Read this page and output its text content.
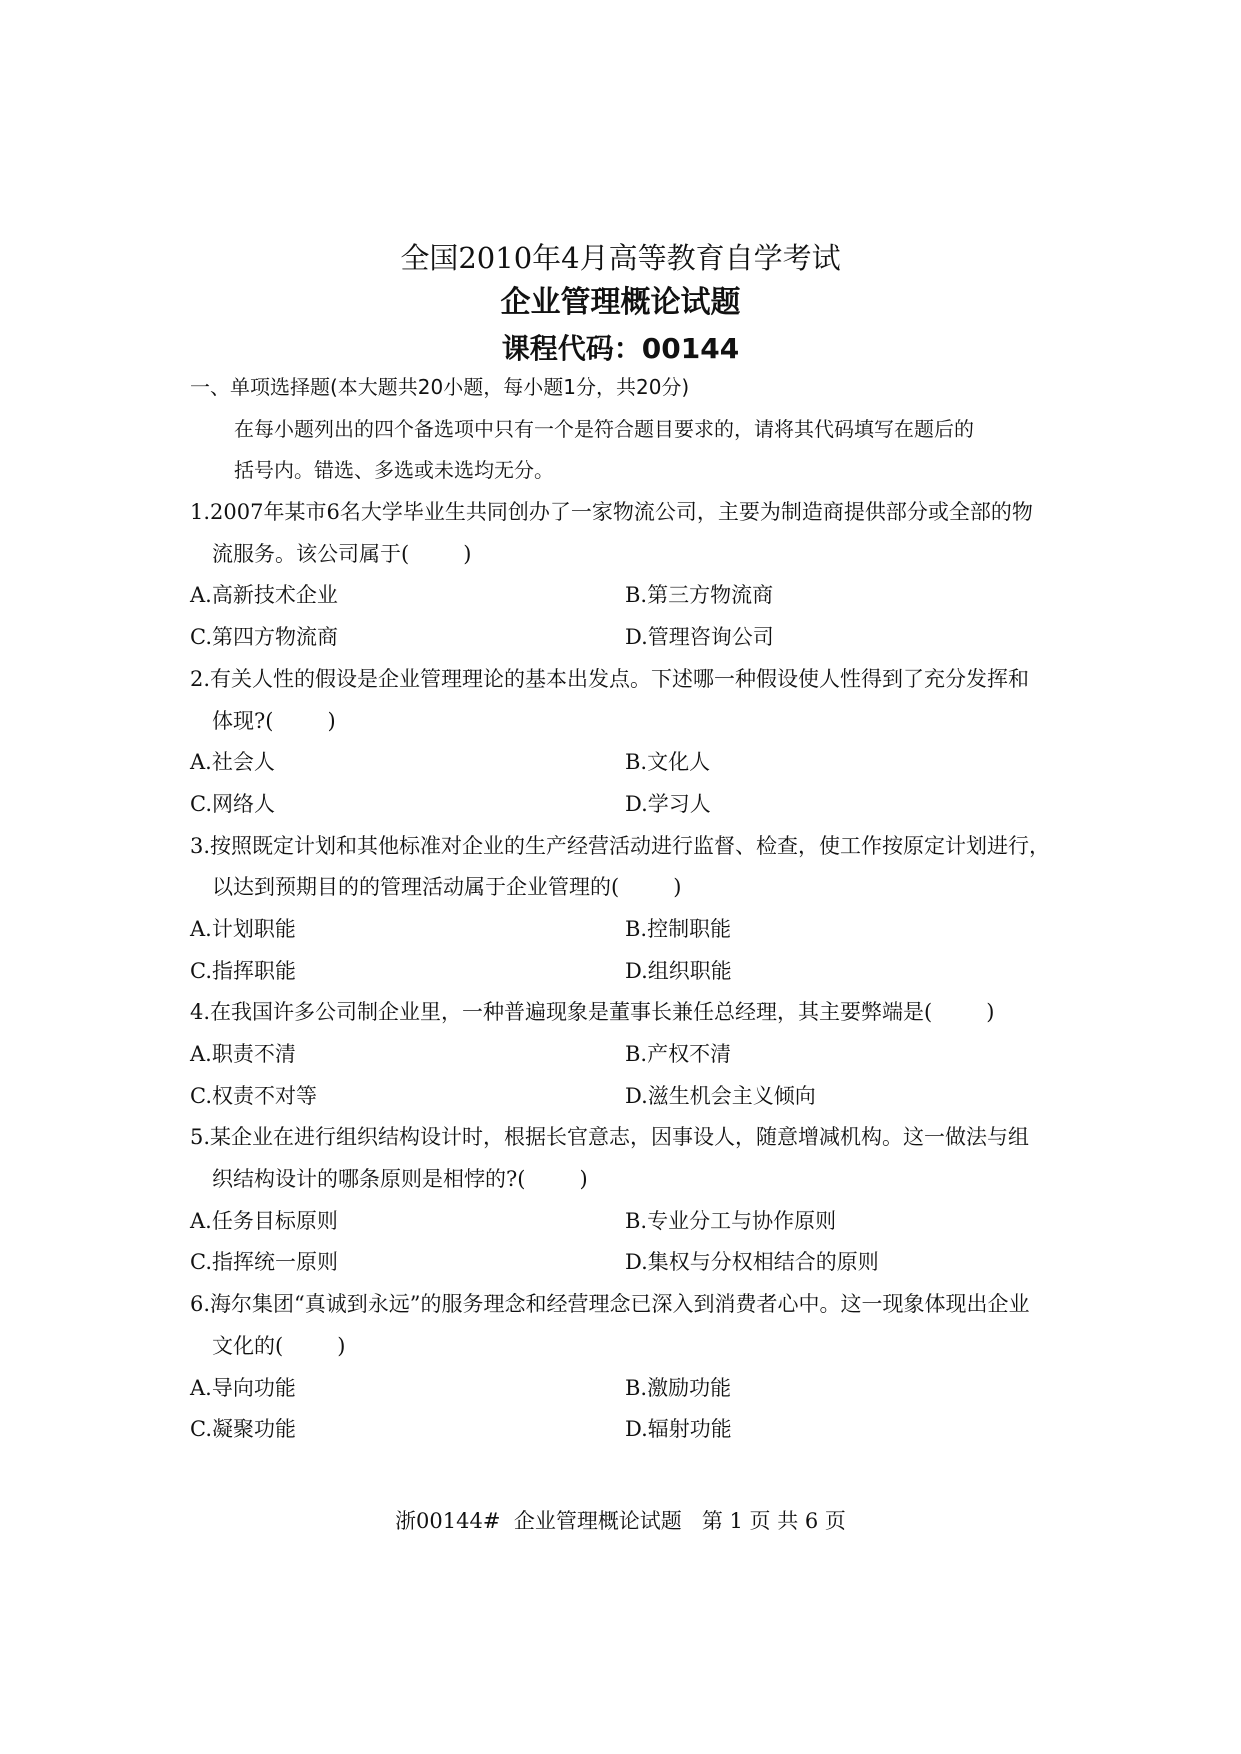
全国2010年4月高等教育自学考试
企业管理概论试题
课程代码：00144
一、单项选择题(本大题共20小题，每小题1分，共20分)
在每小题列出的四个备选项中只有一个是符合题目要求的，请将其代码填写在题后的
括号内。错选、多选或未选均无分。
1.2007年某市6名大学毕业生共同创办了一家物流公司，主要为制造商提供部分或全部的物
流服务。该公司属于(	)
A.高新技术企业	B.第三方物流商
C.第四方物流商	D.管理咨询公司
2.有关人性的假设是企业管理理论的基本出发点。下述哪一种假设使人性得到了充分发挥和
体现?(	)
A.社会人	B.文化人
C.网络人	D.学习人
3.按照既定计划和其他标准对企业的生产经营活动进行监督、检查，使工作按原定计划进行，
以达到预期目的的管理活动属于企业管理的(	)
A.计划职能	B.控制职能
C.指挥职能	D.组织职能
4.在我国许多公司制企业里，一种普遍现象是董事长兼任总经理，其主要弊端是(	)
A.职责不清	B.产权不清
C.权责不对等	D.滋生机会主义倾向
5.某企业在进行组织结构设计时，根据长官意志，因事设人，随意增减机构。这一做法与组
织结构设计的哪条原则是相悖的?(	)
A.任务目标原则	B.专业分工与协作原则
C.指挥统一原则	D.集权与分权相结合的原则
6.海尔集团“真诚到永远”的服务理念和经营理念已深入到消费者心中。这一现象体现出企业
文化的(	)
A.导向功能	B.激励功能
C.凝聚功能	D.辐射功能
浙00144#  企业管理概论试题   第 1 页 共 6 页
